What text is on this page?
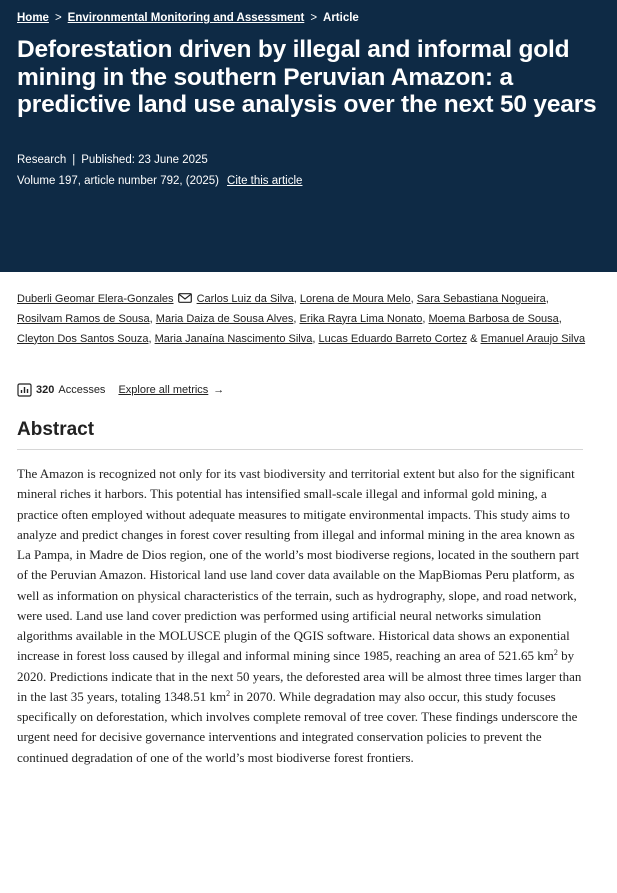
Home > Environmental Monitoring and Assessment > Article
Deforestation driven by illegal and informal gold mining in the southern Peruvian Amazon: a predictive land use analysis over the next 50 years
Research | Published: 23 June 2025
Volume 197, article number 792, (2025) Cite this article
Duberli Geomar Elera-Gonzales Carlos Luiz da Silva, Lorena de Moura Melo, Sara Sebastiana Nogueira, Rosilvam Ramos de Sousa, Maria Daiza de Sousa Alves, Erika Rayra Lima Nonato, Moema Barbosa de Sousa, Cleyton Dos Santos Souza, Maria Janaína Nascimento Silva, Lucas Eduardo Barreto Cortez & Emanuel Araujo Silva
320 Accesses Explore all metrics →
Abstract

The Amazon is recognized not only for its vast biodiversity and territorial extent but also for the significant mineral riches it harbors. This potential has intensified small-scale illegal and informal gold mining, a practice often employed without adequate measures to mitigate environmental impacts. This study aims to analyze and predict changes in forest cover resulting from illegal and informal mining in the area known as La Pampa, in Madre de Dios region, one of the world’s most biodiverse regions, located in the southern part of the Peruvian Amazon. Historical land use land cover data available on the MapBiomas Peru platform, as well as information on physical characteristics of the terrain, such as hydrography, slope, and road network, were used. Land use land cover prediction was performed using artificial neural networks simulation algorithms available in the MOLUSCE plugin of the QGIS software. Historical data shows an exponential increase in forest loss caused by illegal and informal mining since 1985, reaching an area of 521.65 $km^2$ by 2020. Predictions indicate that in the next 50 years, the deforested area will be almost three times larger than in the last 35 years, totaling 1348.51 $km^2$ in 2070. While degradation may also occur, this study focuses specifically on deforestation, which involves complete removal of tree cover. These findings underscore the urgent need for decisive governance interventions and integrated conservation policies to prevent the continued degradation of one of the world’s most biodiverse forest frontiers.
